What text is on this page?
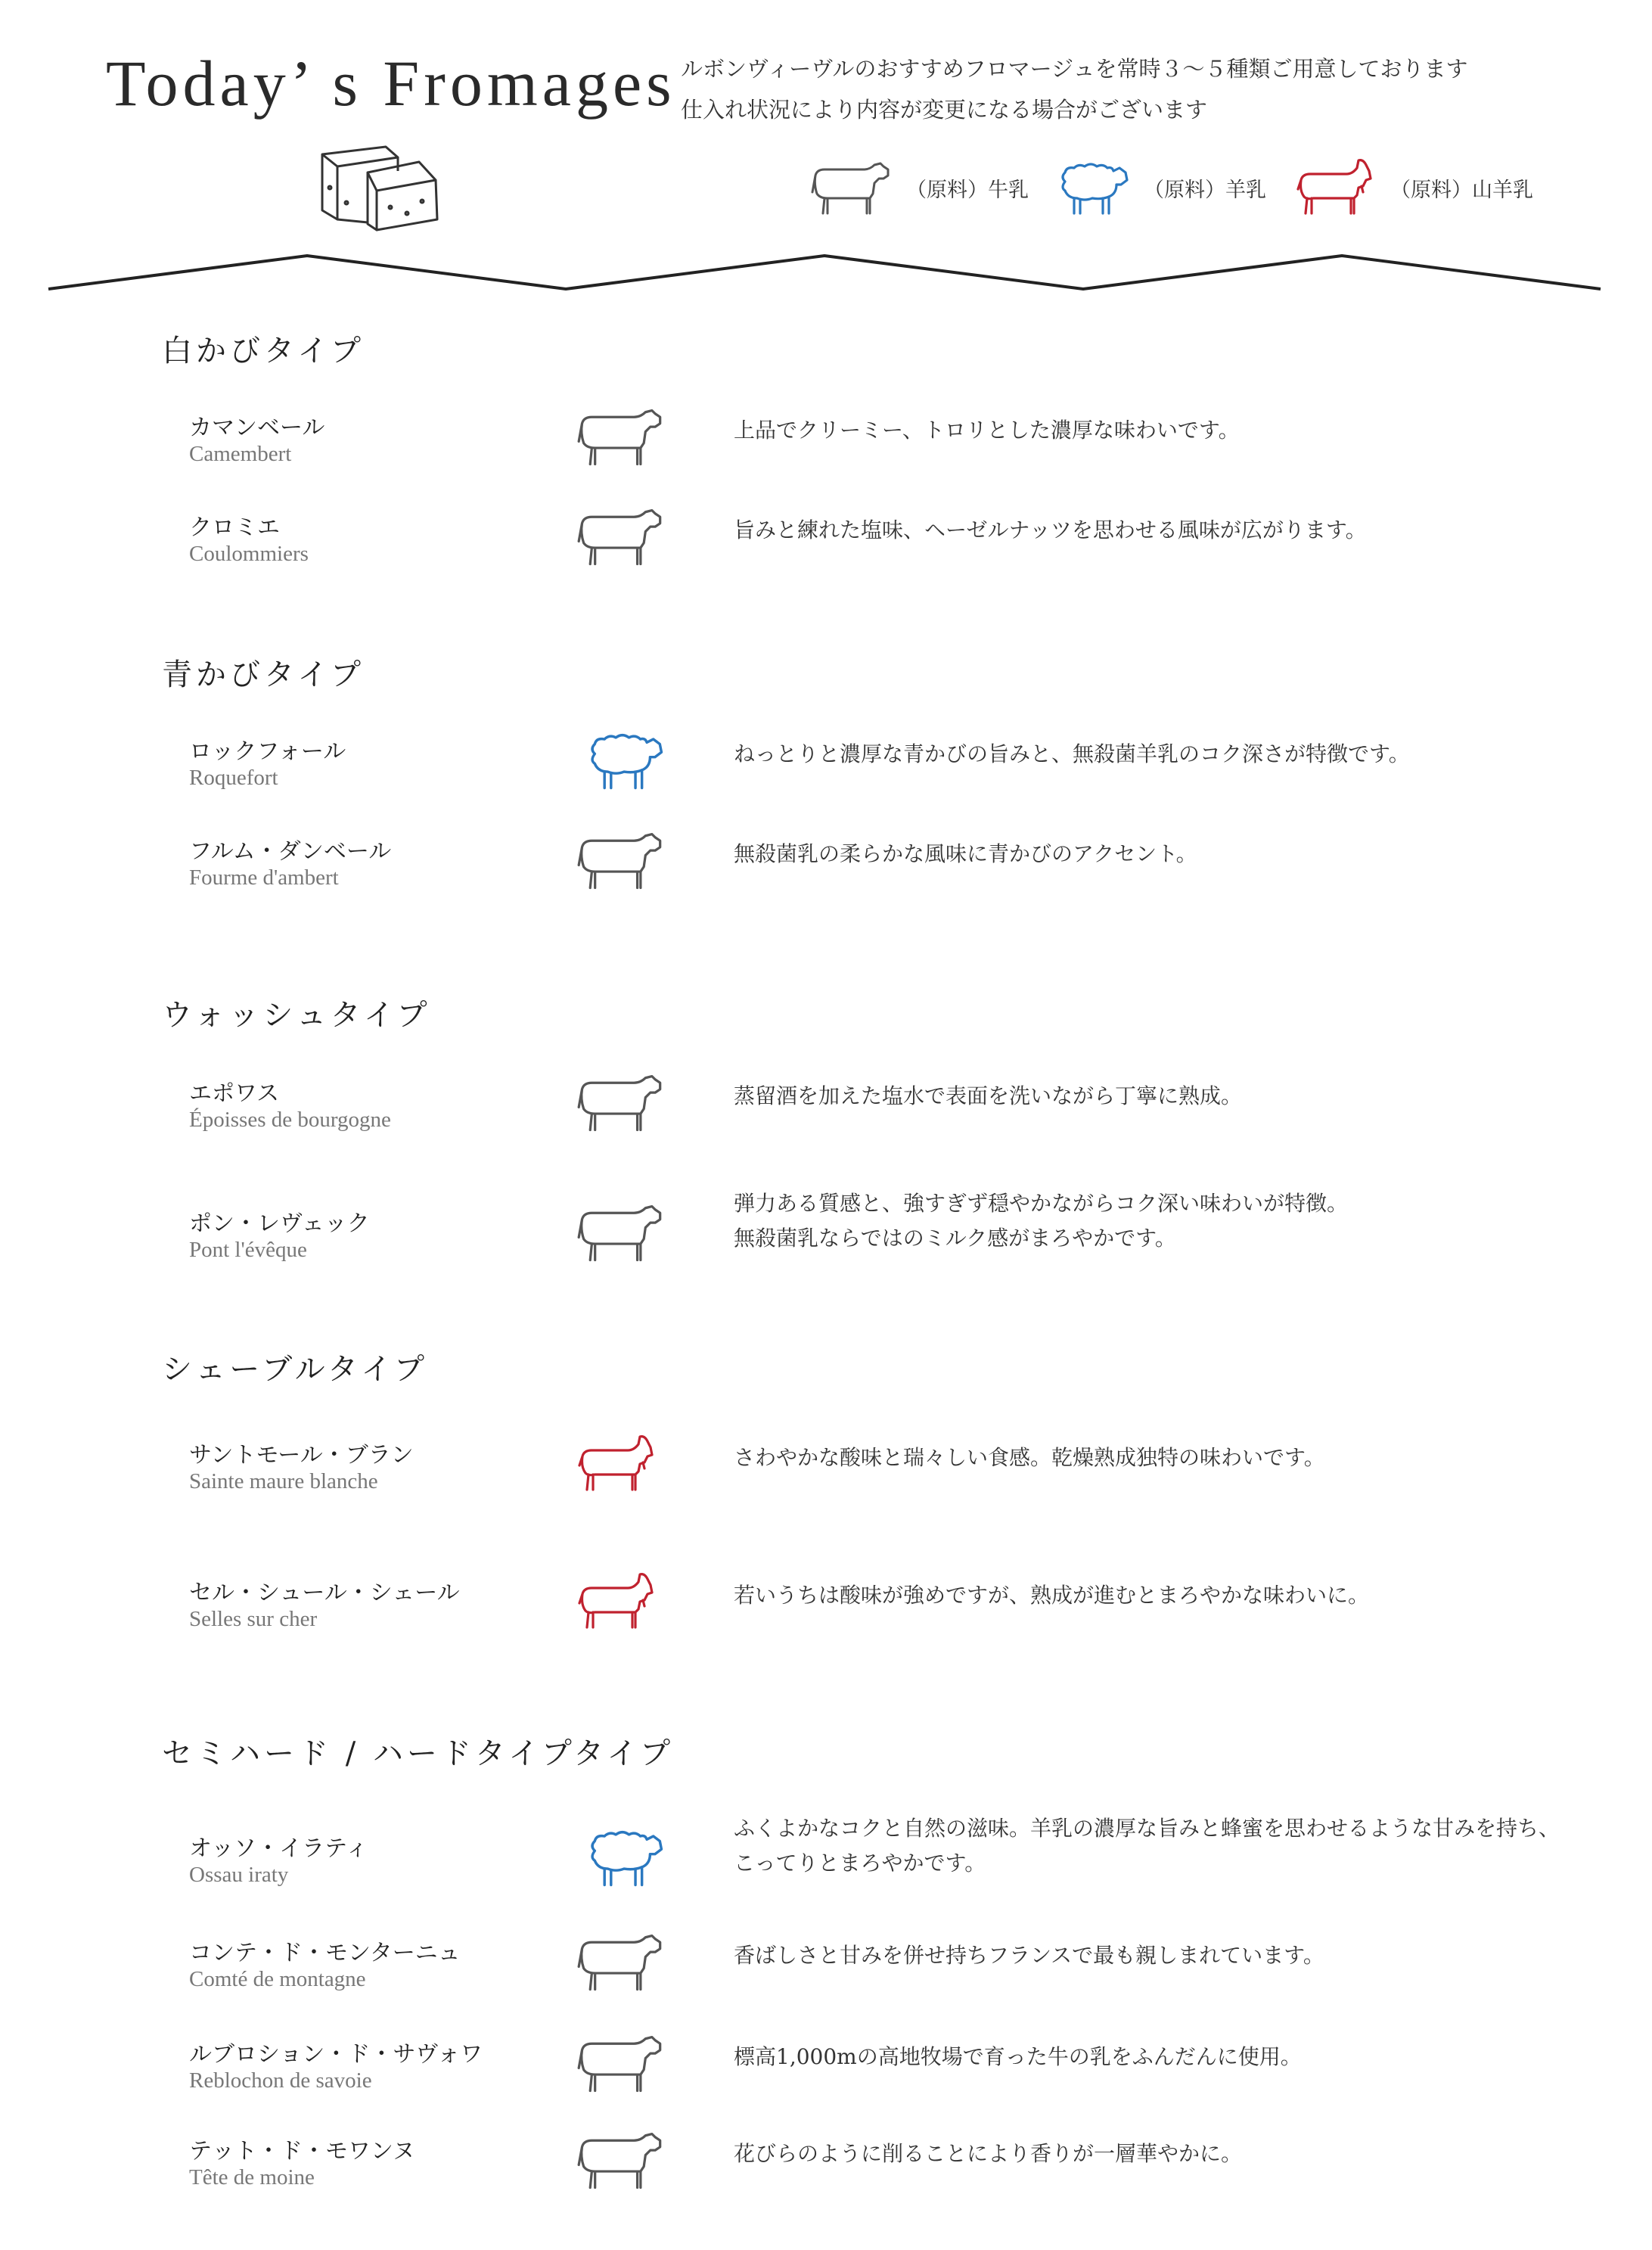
Today’ s Fromages ルボンヴィーヴルのおすすめフロマージュを常時３～５種類ご用意しております
仕入れ状況により内容が変更になる場合がございます
（原料）牛乳	（原料）羊乳	（原料）山羊乳
白かびタイプ
青かびタイプ
ウォッシュタイプ
シェーブルタイプ
セミハード / ハードタイプタイプ
カマンベール
Camembert
上品でクリーミー、トロリとした濃厚な味わいです。
クロミエ
Coulommiers
旨みと練れた塩味、ヘーゼルナッツを思わせる風味が広がります。
ロックフォール
Roquefort
ねっとりと濃厚な青かびの旨みと、無殺菌羊乳のコク深さが特徴です。
フルム・ダンベール
Fourme d'ambert
無殺菌乳の柔らかな風味に青かびのアクセント。
エポワス
Époisses de bourgogne
蒸留酒を加えた塩水で表面を洗いながら丁寧に熟成。
ポン・レヴェック
Pont l'évêque
弾力ある質感と、強すぎず穏やかながらコク深い味わいが特徴。
無殺菌乳ならではのミルク感がまろやかです。
サントモール・ブラン
Sainte maure blanche
さわやかな酸味と瑞々しい食感。乾燥熟成独特の味わいです。
セル・シュール・シェール
Selles sur cher
若いうちは酸味が強めですが、熟成が進むとまろやかな味わいに。
オッソ・イラティ
Ossau iraty
ふくよかなコクと自然の滋味。羊乳の濃厚な旨みと蜂蜜を思わせるような甘みを持ち、
こってりとまろやかです。
コンテ・ド・モンターニュ
Comté de montagne
香ばしさと甘みを併せ持ちフランスで最も親しまれています。
ルブロション・ド・サヴォワ
Reblochon de savoie
標高1,000mの高地牧場で育った牛の乳をふんだんに使用。
テット・ド・モワンヌ
Tête de moine
花びらのように削ることにより香りが一層華やかに。
